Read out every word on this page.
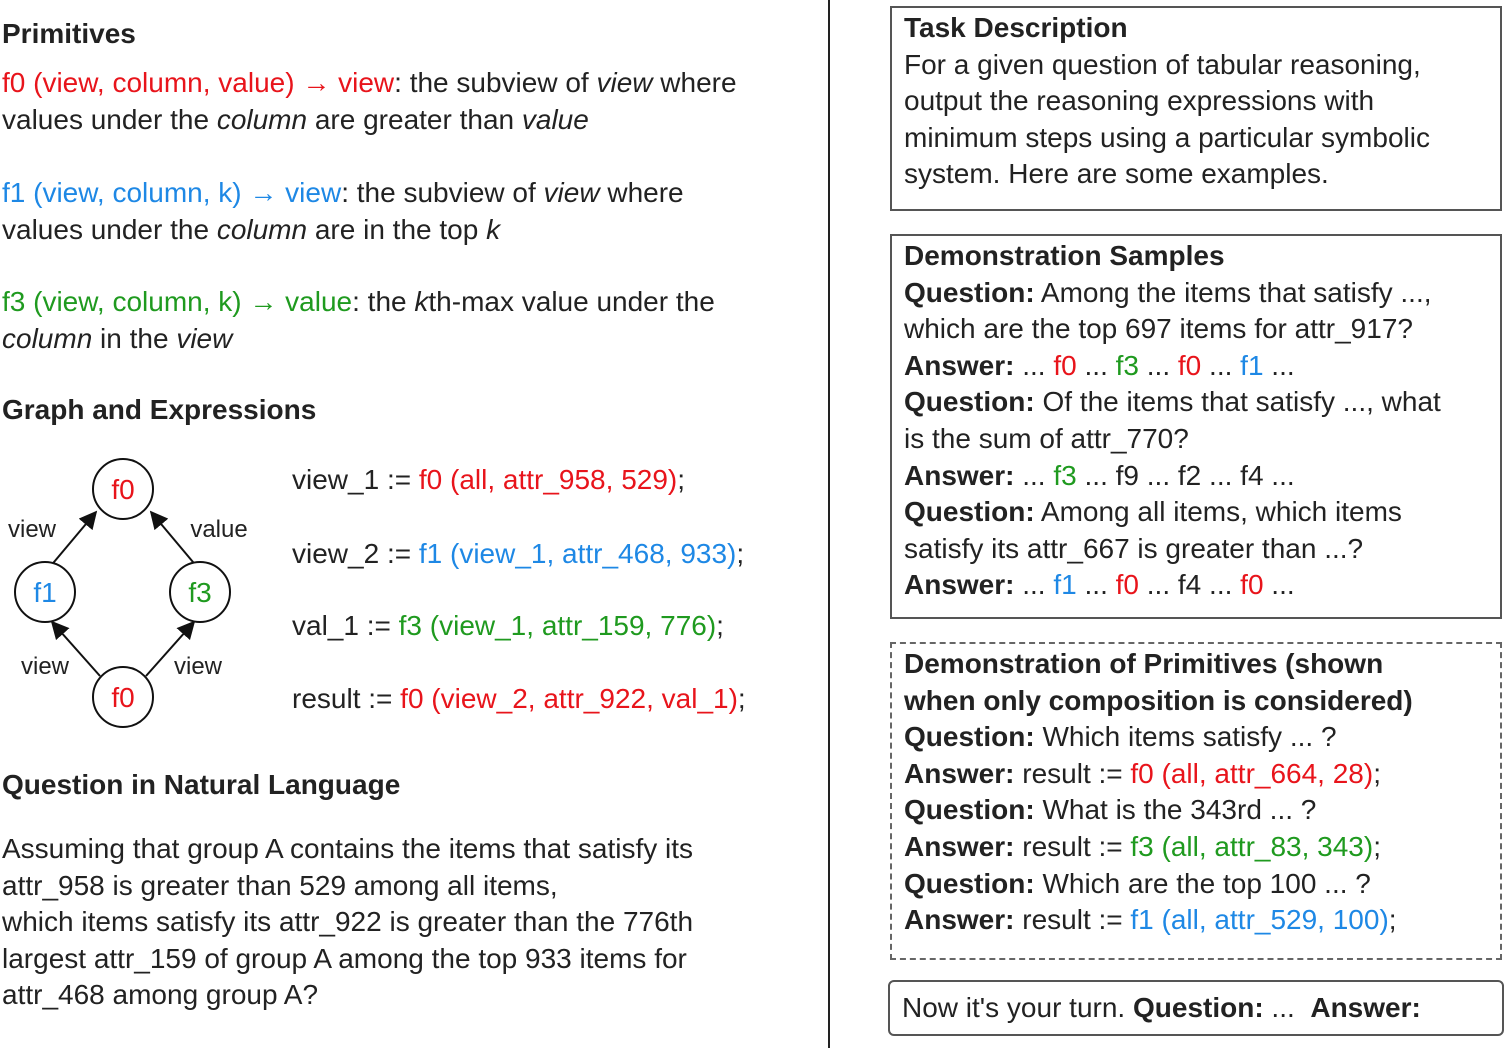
Primitives
f0 (view, column, value) → view: the subview of view where
values under the column are greater than value
f1 (view, column, k) → view: the subview of view where
values under the column are in the top k
f3 (view, column, k) → value: the kth-max value under the
column in the view
Graph and Expressions
f0
f1	f3
f0
view	value
view	view
view_1 := f0 (all, attr_958, 529);
view_2 := f1 (view_1, attr_468, 933);
val_1 := f3 (view_1, attr_159, 776);
result := f0 (view_2, attr_922, val_1);
Question in Natural Language
Assuming that group A contains the items that satisfy its
attr_958 is greater than 529 among all items,
which items satisfy its attr_922 is greater than the 776th
largest attr_159 of group A among the top 933 items for
attr_468 among group A?
Task Description
For a given question of tabular reasoning,
output the reasoning expressions with
minimum steps using a particular symbolic
system. Here are some examples.
Demonstration Samples
Question: Among the items that satisfy ...,
which are the top 697 items for attr_917?
Answer: ... f0 ... f3 ... f0 ... f1 ...
Question: Of the items that satisfy ..., what
is the sum of attr_770?
Answer: ... f3 ... f9 ... f2 ... f4 ...
Question: Among all items, which items
satisfy its attr_667 is greater than ...?
Answer: ... f1 ... f0 ... f4 ... f0 ...
Demonstration of Primitives (shown
when only composition is considered)
Question: Which items satisfy ... ?
Answer: result := f0 (all, attr_664, 28);
Question: What is the 343rd ... ?
Answer: result := f3 (all, attr_83, 343);
Question: Which are the top 100 ... ?
Answer: result := f1 (all, attr_529, 100);
Now it's your turn. Question: ...  Answer:
